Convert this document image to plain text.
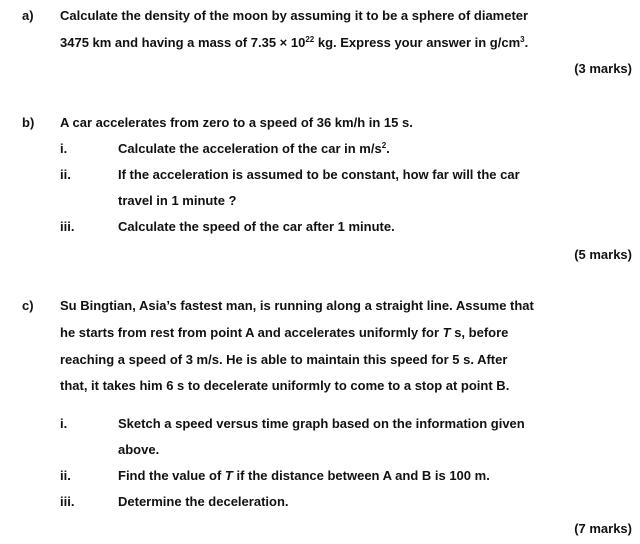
a) Calculate the density of the moon by assuming it to be a sphere of diameter
3475 km and having a mass of $7.35 \times 10^{22}$ kg. Express your answer in $g/cm^3$.
(3 marks)
b) A car accelerates from zero to a speed of 36 km/h in 15 s.
i.	Calculate the acceleration of the car in $m/s^2$.
ii.	If the acceleration is assumed to be constant, how far will the car
travel in 1 minute ?
iii.	Calculate the speed of the car after 1 minute.
(5 marks)
c) Su Bingtian, Asia’s fastest man, is running along a straight line. Assume that
he starts from rest from point A and accelerates uniformly for T s, before
reaching a speed of 3 m/s. He is able to maintain this speed for 5 s. After
that, it takes him 6 s to decelerate uniformly to come to a stop at point B.
i.	Sketch a speed versus time graph based on the information given
above.
ii.	Find the value of T if the distance between A and B is 100 m.
iii.	Determine the deceleration.
(7 marks)
